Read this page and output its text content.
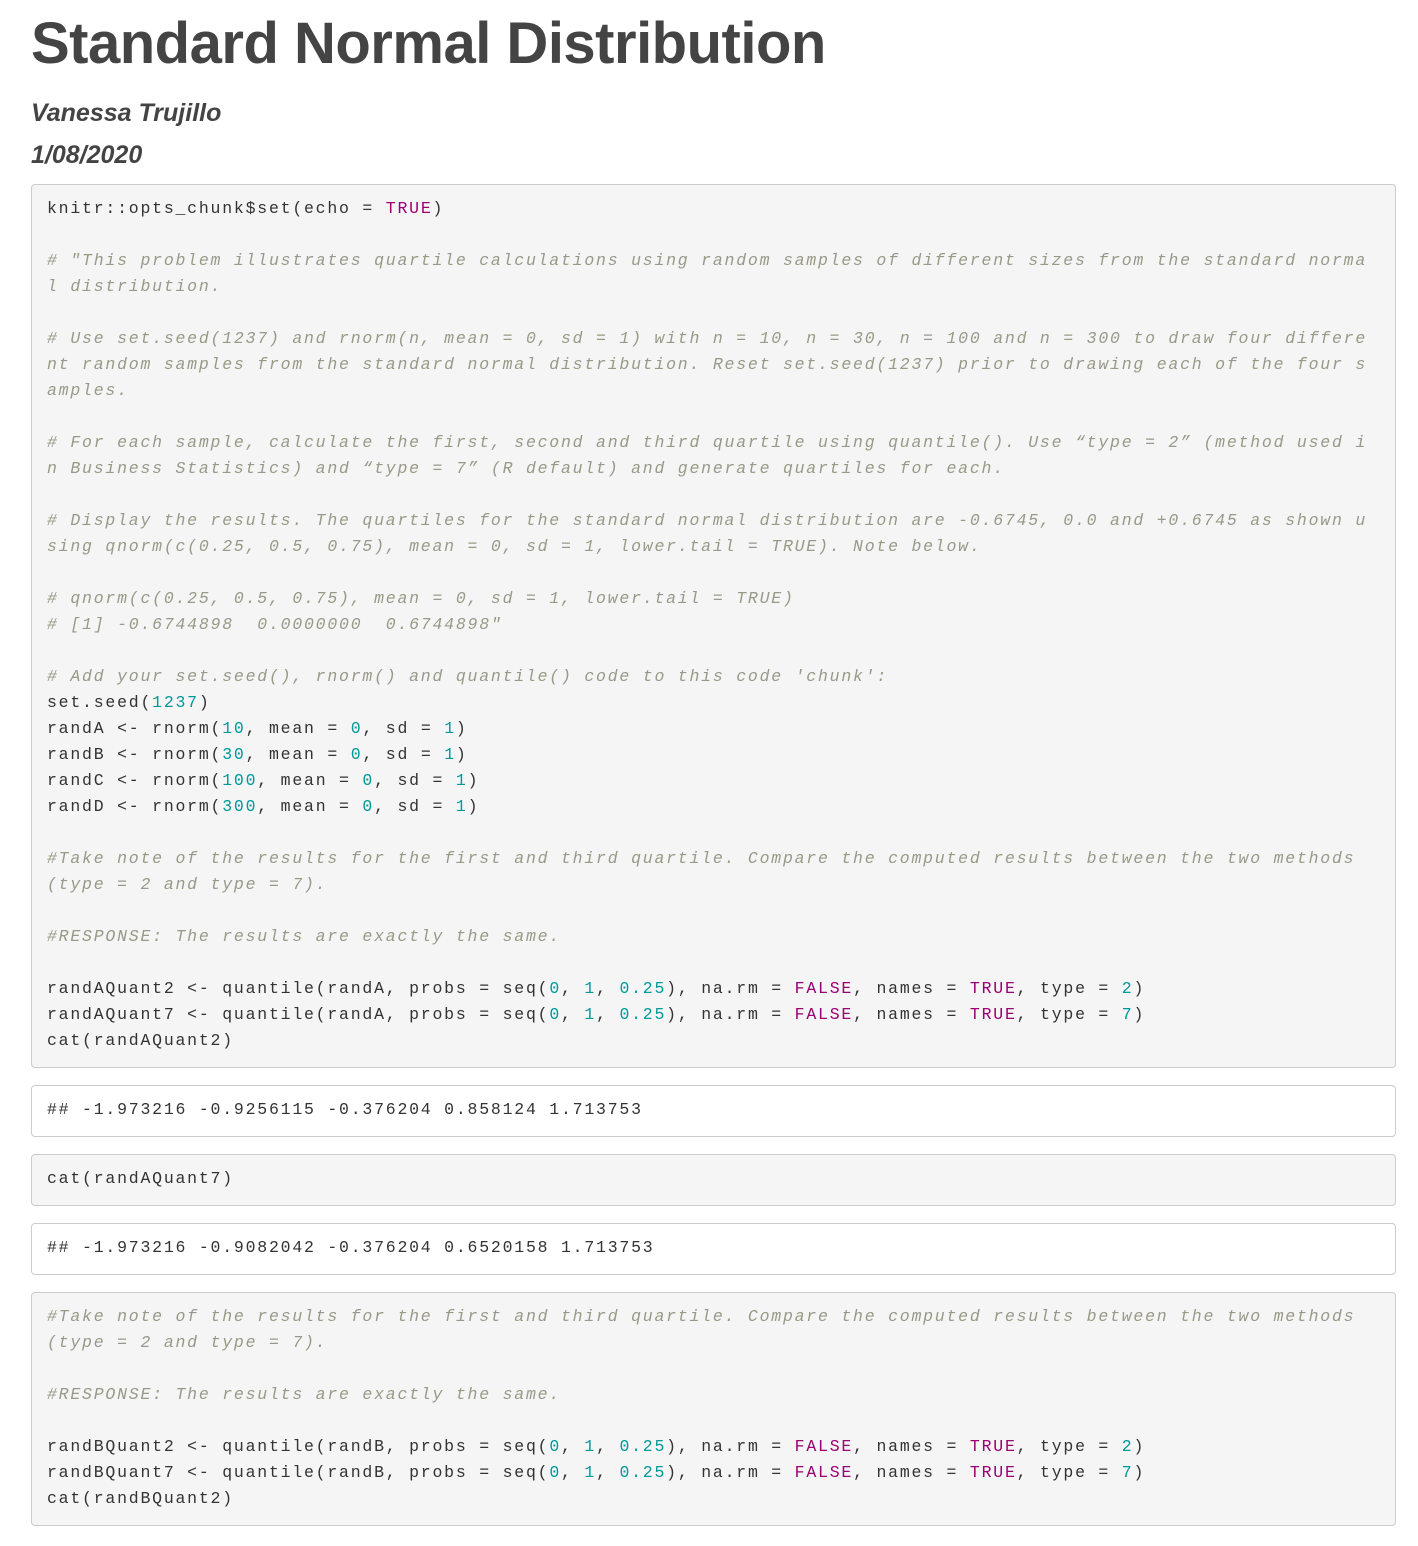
Standard Normal Distribution
Vanessa Trujillo
1/08/2020
knitr::opts_chunk$set(echo = TRUE)
# "This problem illustrates quartile calculations using random samples of different sizes from the standard norma
l distribution.
# Use set.seed(1237) and rnorm(n, mean = 0, sd = 1) with n = 10, n = 30, n = 100 and n = 300 to draw four differe
nt random samples from the standard normal distribution. Reset set.seed(1237) prior to drawing each of the four s
amples.
# For each sample, calculate the first, second and third quartile using quantile(). Use “type = 2” (method used i
n Business Statistics) and “type = 7” (R default) and generate quartiles for each.
# Display the results. The quartiles for the standard normal distribution are -0.6745, 0.0 and +0.6745 as shown u
sing qnorm(c(0.25, 0.5, 0.75), mean = 0, sd = 1, lower.tail = TRUE). Note below.
# qnorm(c(0.25, 0.5, 0.75), mean = 0, sd = 1, lower.tail = TRUE)
# [1] -0.6744898  0.0000000  0.6744898"
# Add your set.seed(), rnorm() and quantile() code to this code 'chunk':
set.seed(1237)
randA <- rnorm(10, mean = 0, sd = 1)
randB <- rnorm(30, mean = 0, sd = 1)
randC <- rnorm(100, mean = 0, sd = 1)
randD <- rnorm(300, mean = 0, sd = 1)
#Take note of the results for the first and third quartile. Compare the computed results between the two methods
(type = 2 and type = 7).
#RESPONSE: The results are exactly the same.
randAQuant2 <- quantile(randA, probs = seq(0, 1, 0.25), na.rm = FALSE, names = TRUE, type = 2)
randAQuant7 <- quantile(randA, probs = seq(0, 1, 0.25), na.rm = FALSE, names = TRUE, type = 7)
cat(randAQuant2)
## -1.973216 -0.9256115 -0.376204 0.858124 1.713753
cat(randAQuant7)
## -1.973216 -0.9082042 -0.376204 0.6520158 1.713753
#Take note of the results for the first and third quartile. Compare the computed results between the two methods
(type = 2 and type = 7).
#RESPONSE: The results are exactly the same.
randBQuant2 <- quantile(randB, probs = seq(0, 1, 0.25), na.rm = FALSE, names = TRUE, type = 2)
randBQuant7 <- quantile(randB, probs = seq(0, 1, 0.25), na.rm = FALSE, names = TRUE, type = 7)
cat(randBQuant2)
